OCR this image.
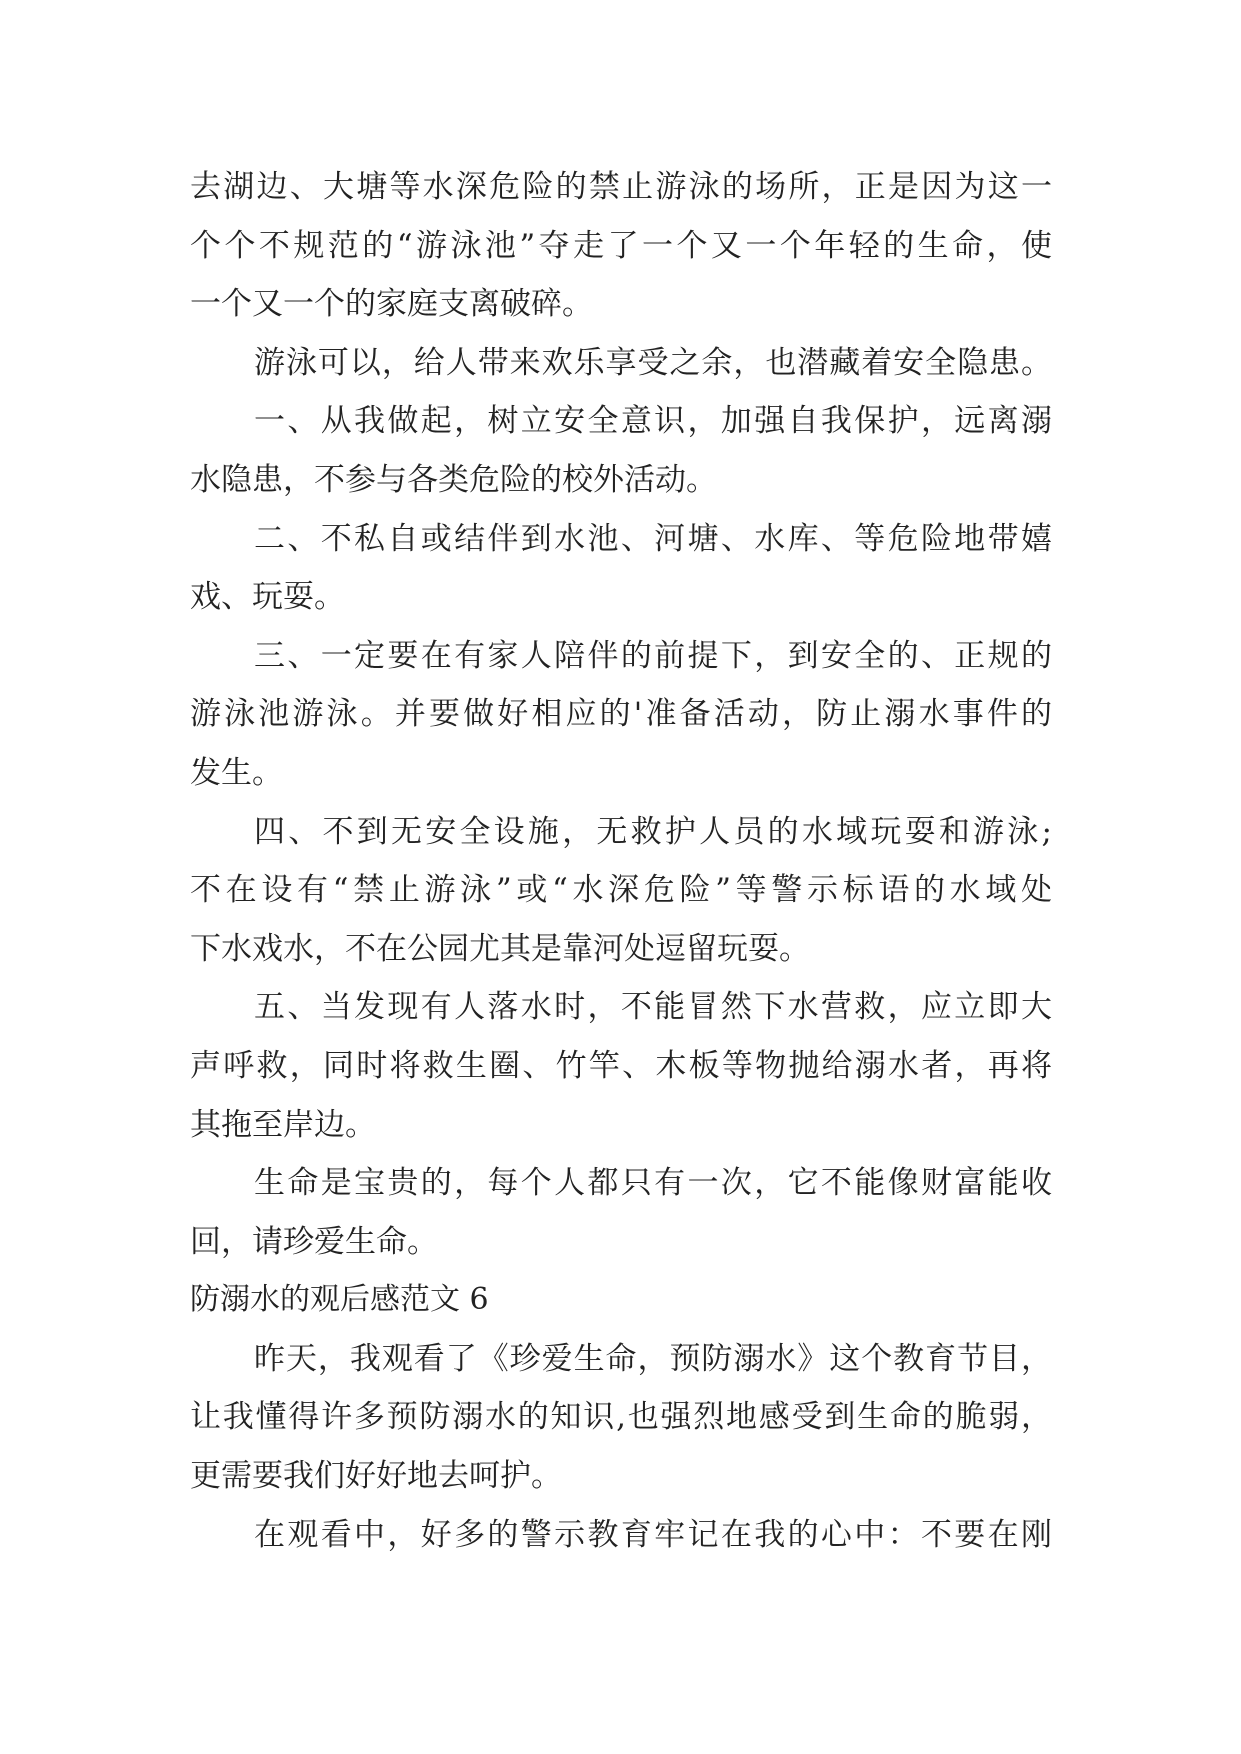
去湖边、大塘等水深危险的禁止游泳的场所，正是因为这一
个个不规范的“游泳池”夺走了一个又一个年轻的生命，使
一个又一个的家庭支离破碎。
游泳可以，给人带来欢乐享受之余，也潜藏着安全隐患。
一、从我做起，树立安全意识，加强自我保护，远离溺
水隐患，不参与各类危险的校外活动。
二、不私自或结伴到水池、河塘、水库、等危险地带嬉
戏、玩耍。
三、一定要在有家人陪伴的前提下，到安全的、正规的
游泳池游泳。并要做好相应的'准备活动，防止溺水事件的
发生。
四、不到无安全设施，无救护人员的水域玩耍和游泳;
不在设有“禁止游泳”或“水深危险”等警示标语的水域处
下水戏水，不在公园尤其是靠河处逗留玩耍。
五、当发现有人落水时，不能冒然下水营救，应立即大
声呼救，同时将救生圈、竹竿、木板等物抛给溺水者，再将
其拖至岸边。
生命是宝贵的，每个人都只有一次，它不能像财富能收
回，请珍爱生命。
防溺水的观后感范文 6
昨天，我观看了《珍爱生命，预防溺水》这个教育节目，
让我懂得许多预防溺水的知识,也强烈地感受到生命的脆弱，
更需要我们好好地去呵护。
在观看中，好多的警示教育牢记在我的心中：不要在刚
